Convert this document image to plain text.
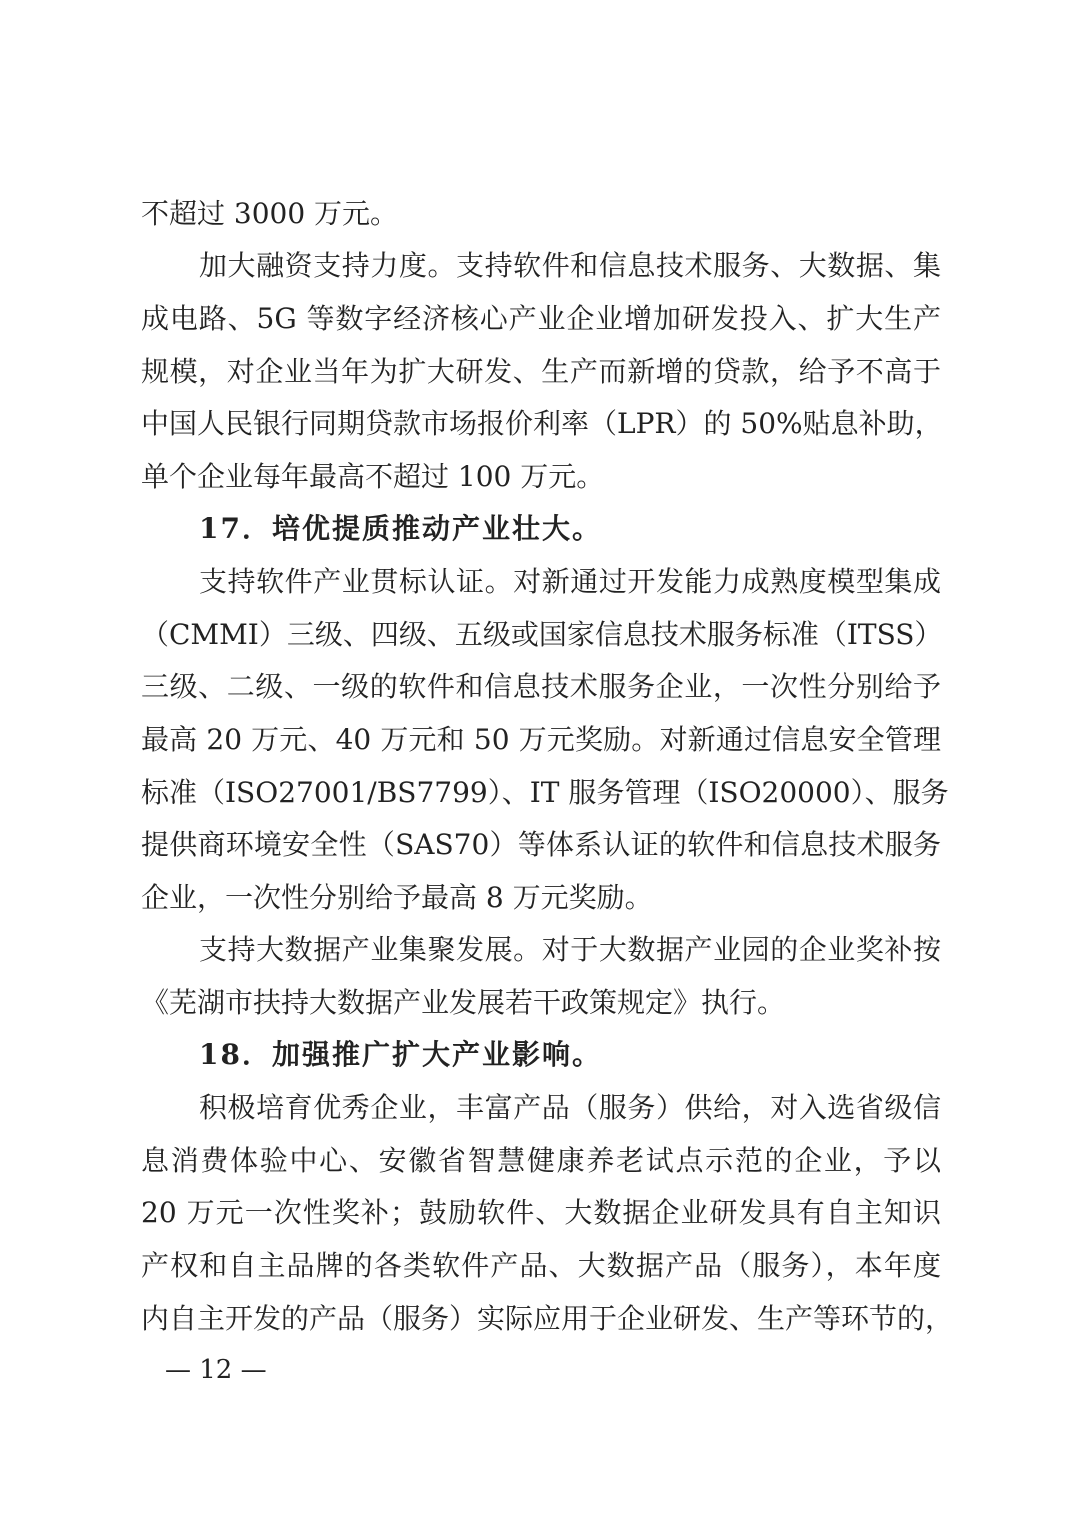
不超过 3000 万元。
加大融资支持力度。支持软件和信息技术服务、大数据、集
成电路、5G 等数字经济核心产业企业增加研发投入、扩大生产
规模，对企业当年为扩大研发、生产而新增的贷款，给予不高于
中国人民银行同期贷款市场报价利率（LPR）的 50%贴息补助，
单个企业每年最高不超过 100 万元。
17．培优提质推动产业壮大。
支持软件产业贯标认证。对新通过开发能力成熟度模型集成
（CMMI）三级、四级、五级或国家信息技术服务标准（ITSS）
三级、二级、一级的软件和信息技术服务企业，一次性分别给予
最高 20 万元、40 万元和 50 万元奖励。对新通过信息安全管理
标准（ISO27001/BS7799）、IT 服务管理（ISO20000）、服务
提供商环境安全性（SAS70）等体系认证的软件和信息技术服务
企业，一次性分别给予最高 8 万元奖励。
支持大数据产业集聚发展。对于大数据产业园的企业奖补按
《芜湖市扶持大数据产业发展若干政策规定》执行。
18．加强推广扩大产业影响。
积极培育优秀企业，丰富产品（服务）供给，对入选省级信
息消费体验中心、安徽省智慧健康养老试点示范的企业，予以
20 万元一次性奖补；鼓励软件、大数据企业研发具有自主知识
产权和自主品牌的各类软件产品、大数据产品（服务），本年度
内自主开发的产品（服务）实际应用于企业研发、生产等环节的，
— 12 —
